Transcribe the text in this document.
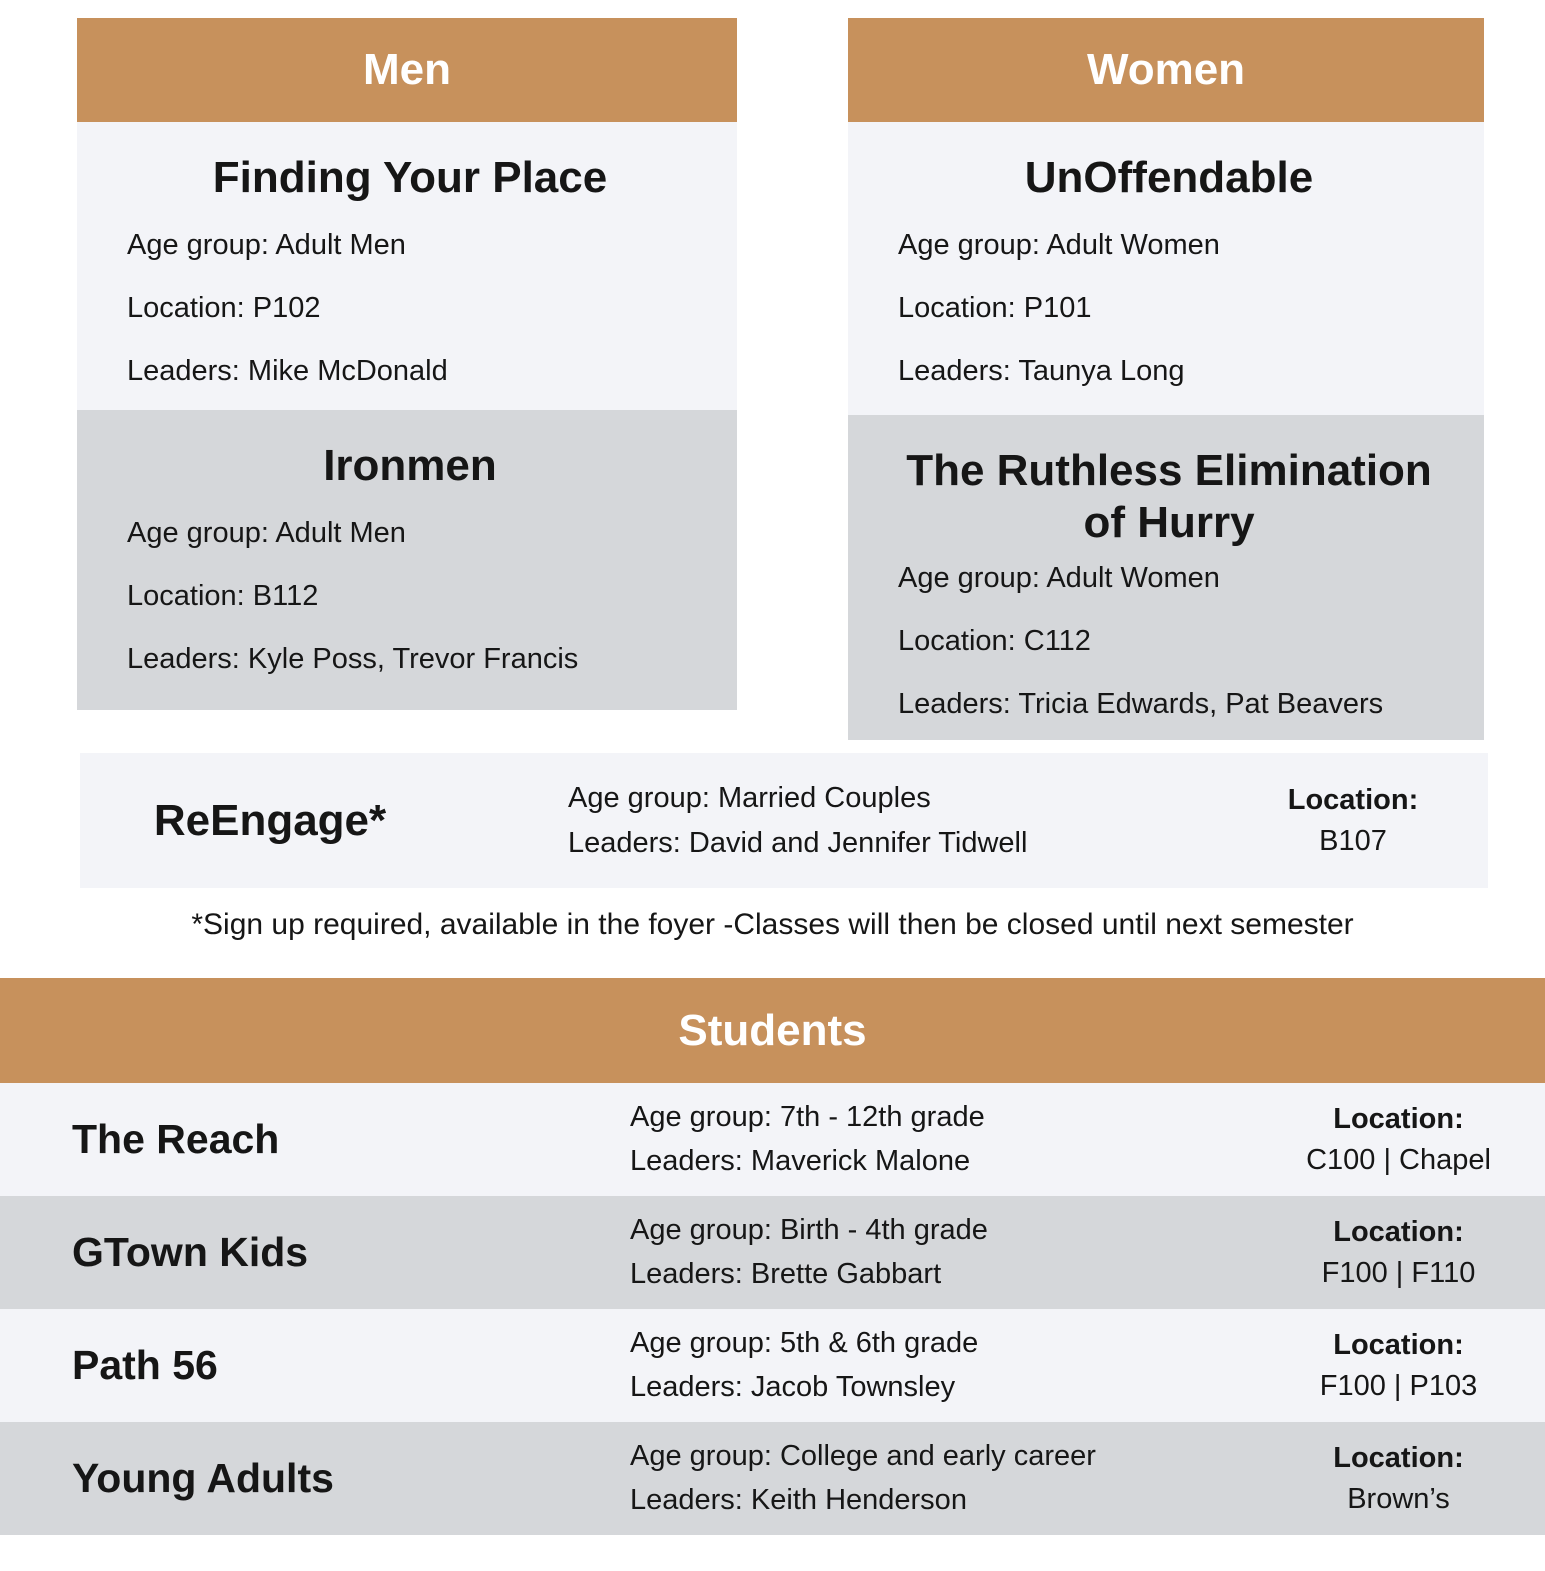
Men
Finding Your Place

Age group: Adult Men

Location: P102

Leaders: Mike McDonald

Ironmen

Age group: Adult Men

Location: B112

Leaders: Kyle Poss, Trevor Francis

Women
UnOffendable

Age group: Adult Women

Location: P101

Leaders: Taunya Long

The Ruthless Elimination of Hurry

Age group: Adult Women

Location: C112

Leaders: Tricia Edwards, Pat Beavers

ReEngage*	Age group: Married Couples

Leaders: David and Jennifer Tidwell

Location:

B107

*Sign up required, available in the foyer -Classes will then be closed until next semester

Students
The Reach	Age group: 7th - 12th grade

Leaders: Maverick Malone

Location:

C100 | Chapel

GTown Kids	Age group: Birth - 4th grade

Leaders: Brette Gabbart

Location:

F100 | F110

Path 56	Age group: 5th & 6th grade

Leaders: Jacob Townsley

Location:

F100 | P103

Young Adults	Age group: College and early career

Leaders: Keith Henderson

Location:

Brown’s
